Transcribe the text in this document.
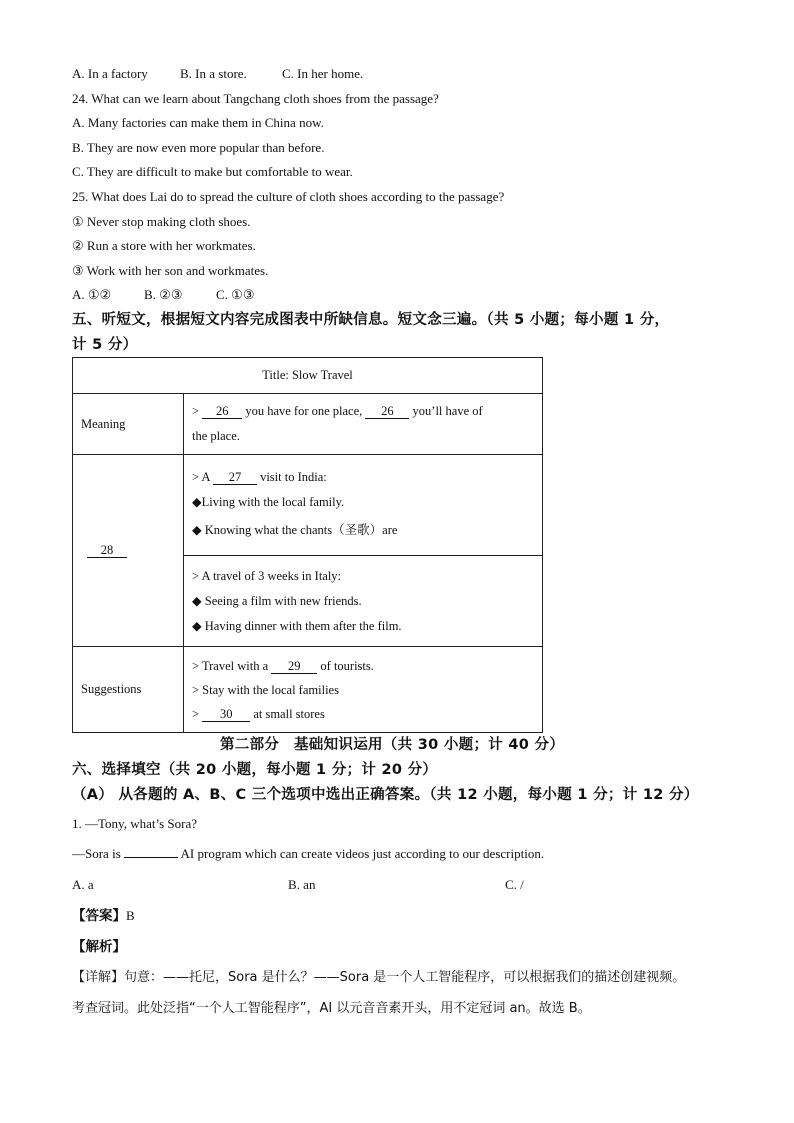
A. In a factory B. In a store.	C. In her home.
24. What can we learn about Tangchang cloth shoes from the passage?
A. Many factories can make them in China now.
B. They are now even more popular than before.
C. They are difficult to make but comfortable to wear.
25. What does Lai do to spread the culture of cloth shoes according to the passage?
① Never stop making cloth shoes.
② Run a store with her workmates.
③ Work with her son and workmates.
A. ①②	B. ②③	C. ①③
五、听短文，根据短文内容完成图表中所缺信息。短文念三遍。（共 5 小题；每小题 1 分，
计 5 分）
Title: Slow Travel	
Meaning	> 26 you have for one place, 26 you’ll have of
the place.
28	> A 27 visit to India:
◆Living with the local family.
◆ Knowing what the chants（圣歌）are
	> A travel of 3 weeks in Italy:
◆ Seeing a film with new friends.
◆ Having dinner with them after the film.
Suggestions	> Travel with a 29 of tourists.
> Stay with the local families
> 30 at small stores
第二部分　基础知识运用（共 30 小题；计 40 分）
六、选择填空（共 20 小题，每小题 1 分；计 20 分）
（A） 从各题的 A、B、C 三个选项中选出正确答案。（共 12 小题，每小题 1 分；计 12 分）
1. —Tony, what’s Sora?
—Sora is	AI program which can create videos just according to our description.
A. a	B. an	C. /
【答案】B
【解析】
【详解】句意：——托尼，Sora 是什么？——Sora 是一个人工智能程序，可以根据我们的描述创建视频。
考查冠词。此处泛指“一个人工智能程序”，AI 以元音音素开头，用不定冠词 an。故选 B。
